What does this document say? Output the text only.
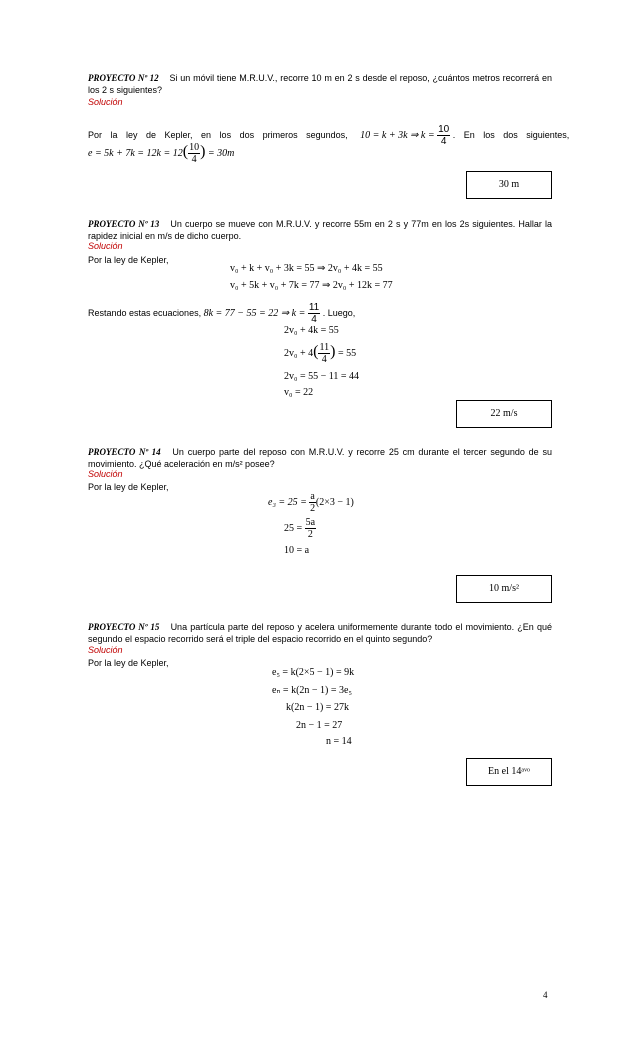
PROYECTO Nº 12 Si un móvil tiene M.R.U.V., recorre 10 m en 2 s desde el reposo, ¿cuántos metros recorrerá en los 2 s siguientes?
Solución
Por la ley de Kepler, en los dos primeros segundos, 10 = k + 3k ⇒ $k = \frac{10}{4}$ . En los dos siguientes,
$e = 5k + 7k = 12k = 12( \frac{10}{4}$ ) = 30m
30 m
PROYECTO Nº 13 Un cuerpo se mueve con M.R.U.V. y recorre 55m en 2 s y 77m en los 2s siguientes. Hallar la rapidez inicial en m/s de dicho cuerpo.
Solución
Por la ley de Kepler,
v₀ + k + v₀ + 3k = 55 ⇒ 2v₀ + 4k = 55
v₀ + 5k + v₀ + 7k = 77 ⇒ 2v₀ + 12k = 77
Restando estas ecuaciones, 8k = 77 − 55 = 22 ⇒ $k = \frac{11}{4}$ . Luego,
2v₀ + 4k = 55
$2v_0 + 4( \frac{11}{4}$ ) = 55
2v₀ = 55 − 11 = 44
v₀ = 22
22 m/s
PROYECTO Nº 14 Un cuerpo parte del reposo con M.R.U.V. y recorre 25 cm durante el tercer segundo de su movimiento. ¿Qué aceleración en m/s² posee?
Solución
Por la ley de Kepler,
$e_3 = 25 = \frac{a}{2} (2\times 3 - 1)$
$25 = \frac{5a}{2}$
10 = a
10 m/s²
PROYECTO Nº 15 Una partícula parte del reposo y acelera uniformemente durante todo el movimiento. ¿En qué segundo el espacio recorrido será el triple del espacio recorrido en el quinto segundo?
Solución
Por la ley de Kepler,
e₅ = k(2×5 − 1) = 9k
eₙ = k(2n − 1) = 3e₅
k(2n − 1) = 27k
2n − 1 = 27
n = 14
En el 14ᵃᵛᵒ
4
